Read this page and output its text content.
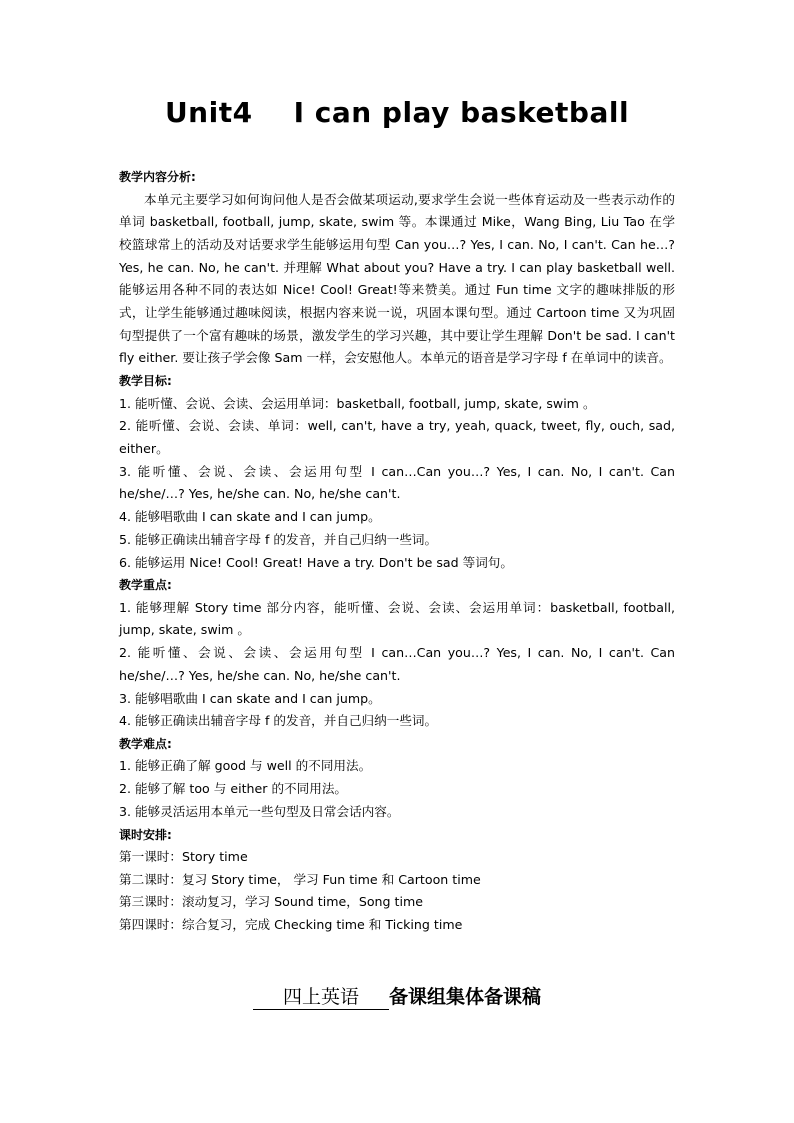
Unit4    I can play basketball

教学内容分析:

本单元主要学习如何询问他人是否会做某项运动,要求学生会说一些体育运动及一些表示动作的单词 basketball, football, jump, skate, swim 等。本课通过 Mike，Wang Bing, Liu Tao 在学校篮球常上的活动及对话要求学生能够运用句型 Can you…? Yes, I can. No, I can't. Can he…? Yes, he can. No, he can't. 并理解 What about you? Have a try. I can play basketball well. 能够运用各种不同的表达如 Nice! Cool! Great!等来赞美。通过 Fun time 文字的趣味排版的形式，让学生能够通过趣味阅读，根据内容来说一说，巩固本课句型。通过 Cartoon time 又为巩固句型提供了一个富有趣味的场景，激发学生的学习兴趣，其中要让学生理解 Don't be sad. I can't fly either. 要让孩子学会像 Sam 一样，会安慰他人。本单元的语音是学习字母 f 在单词中的读音。

教学目标:

1. 能听懂、会说、会读、会运用单词：basketball, football, jump, skate, swim 。

2. 能听懂、会说、会读、单词：well, can't, have a try, yeah, quack, tweet, fly, ouch, sad, either。

3. 能听懂、会说、会读、会运用句型 I can…Can you…? Yes, I can. No, I can't. Can he/she/…? Yes, he/she can. No, he/she can't.

4. 能够唱歌曲 I can skate and I can jump。

5. 能够正确读出辅音字母 f 的发音，并自己归纳一些词。

6. 能够运用 Nice! Cool! Great! Have a try. Don't be sad 等词句。

教学重点:

1. 能够理解 Story time 部分内容，能听懂、会说、会读、会运用单词：basketball, football, jump, skate, swim 。

2. 能听懂、会说、会读、会运用句型 I can…Can you…? Yes, I can. No, I can't. Can he/she/…? Yes, he/she can. No, he/she can't.

3. 能够唱歌曲 I can skate and I can jump。

4. 能够正确读出辅音字母 f 的发音，并自己归纳一些词。

教学难点:

1. 能够正确了解 good 与 well 的不同用法。

2. 能够了解 too 与 either 的不同用法。

3. 能够灵活运用本单元一些句型及日常会话内容。

课时安排:

第一课时：Story time

第二课时：复习 Story time， 学习 Fun time 和 Cartoon time

第三课时：滚动复习，学习 Sound time，Song time

第四课时：综合复习，完成 Checking time 和 Ticking time

四上英语 备课组集体备课稿
